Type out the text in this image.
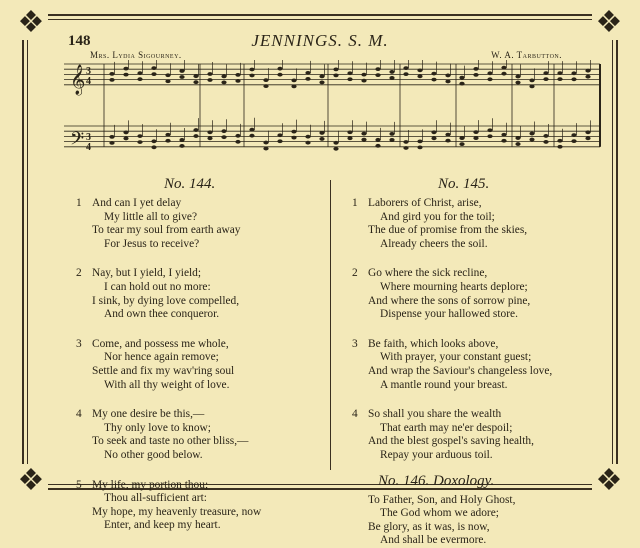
❖	❖
❖	❖
148	JENNINGS. S. M.
Mrs. Lydia Sigourney.	W. A. Tarbutton.
𝄞
𝄢
3
4
3
4
No. 144.
1 And can I yet delay
My little all to give?
To tear my soul from earth away
For Jesus to receive?
2 Nay, but I yield, I yield;
I can hold out no more:
I sink, by dying love compelled,
And own thee conqueror.
3 Come, and possess me whole,
Nor hence again remove;
Settle and fix my wav'ring soul
With all thy weight of love.
4 My one desire be this,—
Thy only love to know;
To seek and taste no other bliss,—
No other good below.
5 My life, my portion thou;
Thou all-sufficient art:
My hope, my heavenly treasure, now
Enter, and keep my heart.
No. 145.
1 Laborers of Christ, arise,
And gird you for the toil;
The due of promise from the skies,
Already cheers the soil.
2 Go where the sick recline,
Where mourning hearts deplore;
And where the sons of sorrow pine,
Dispense your hallowed store.
3 Be faith, which looks above,
With prayer, your constant guest;
And wrap the Saviour's changeless love,
A mantle round your breast.
4 So shall you share the wealth
That earth may ne'er despoil;
And the blest gospel's saving health,
Repay your arduous toil.
No. 146. Doxology.
To Father, Son, and Holy Ghost,
The God whom we adore;
Be glory, as it was, is now,
And shall be evermore.
